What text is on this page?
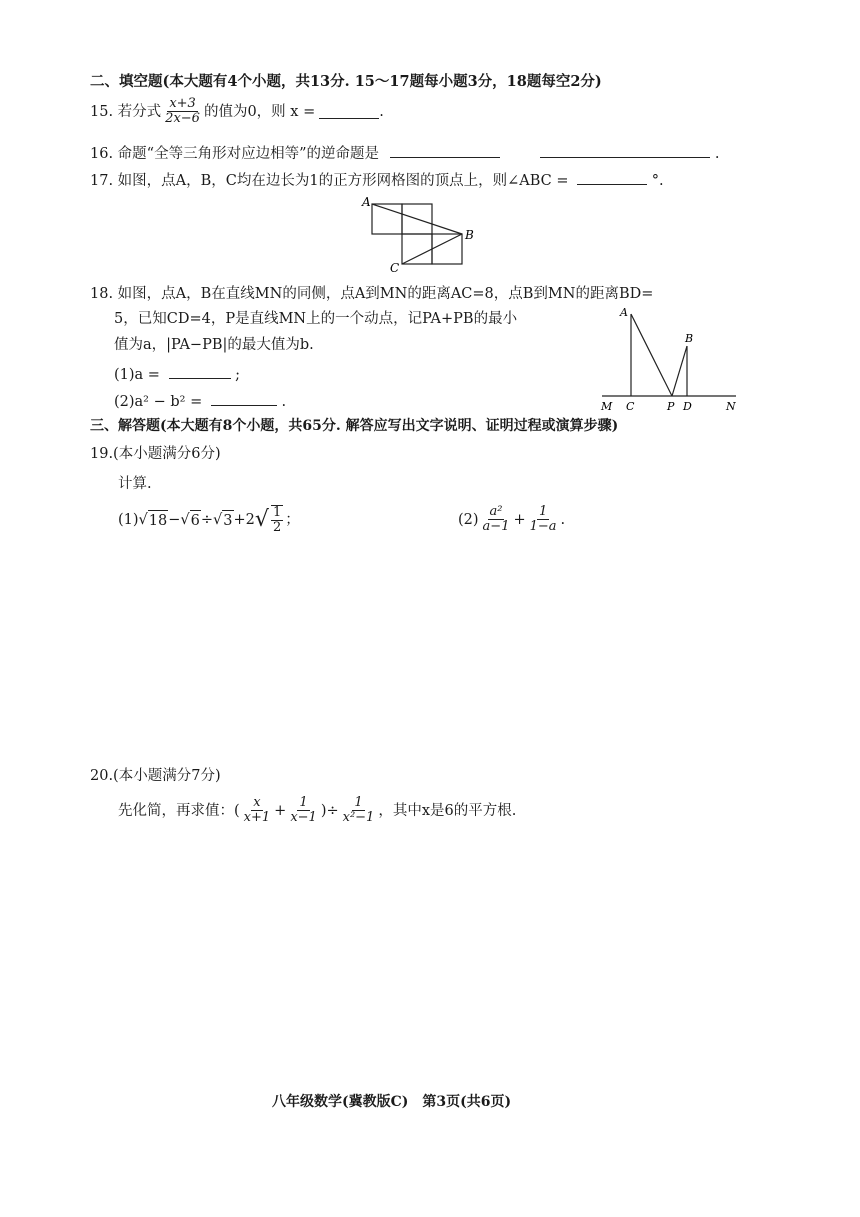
二、填空题(本大题有4个小题，共13分. 15～17题每小题3分，18题每空2分)
15. 若分式 $\frac{x+3}{2x-6}$ 的值为0，则 x =	.
16. 命题“全等三角形对应边相等”的逆命题是	.
17. 如图，点A，B，C均在边长为1的正方形网格图的顶点上，则∠ABC =	°.
A
B
C
18. 如图，点A，B在直线MN的同侧，点A到MN的距离AC=8，点B到MN的距离BD=
5，已知CD=4，P是直线MN上的一个动点，记PA+PB的最小
值为a，|PA−PB|的最大值为b.
(1)a =	;
(2)a² − b² =	.
A
B
M C	P D	N
三、解答题(本大题有8个小题，共65分. 解答应写出文字说明、证明过程或演算步骤)
19.(本小题满分6分)
计算.
(1) √ 18 − √ 6 ÷ √ 3 +2 √ $\frac{1}{2}$ ；	$(2) \frac{\text{a²}}{a-1} + \frac{1}{1-a}$ .
20.(本小题满分7分)
先化简，再求值：( $\frac{x}{x+1} + \frac{1}{x-1}$ )÷ $\frac{1}{\text{x²−1}}$ ，其中x是6的平方根.
八年级数学(冀教版C)　第3页(共6页)
